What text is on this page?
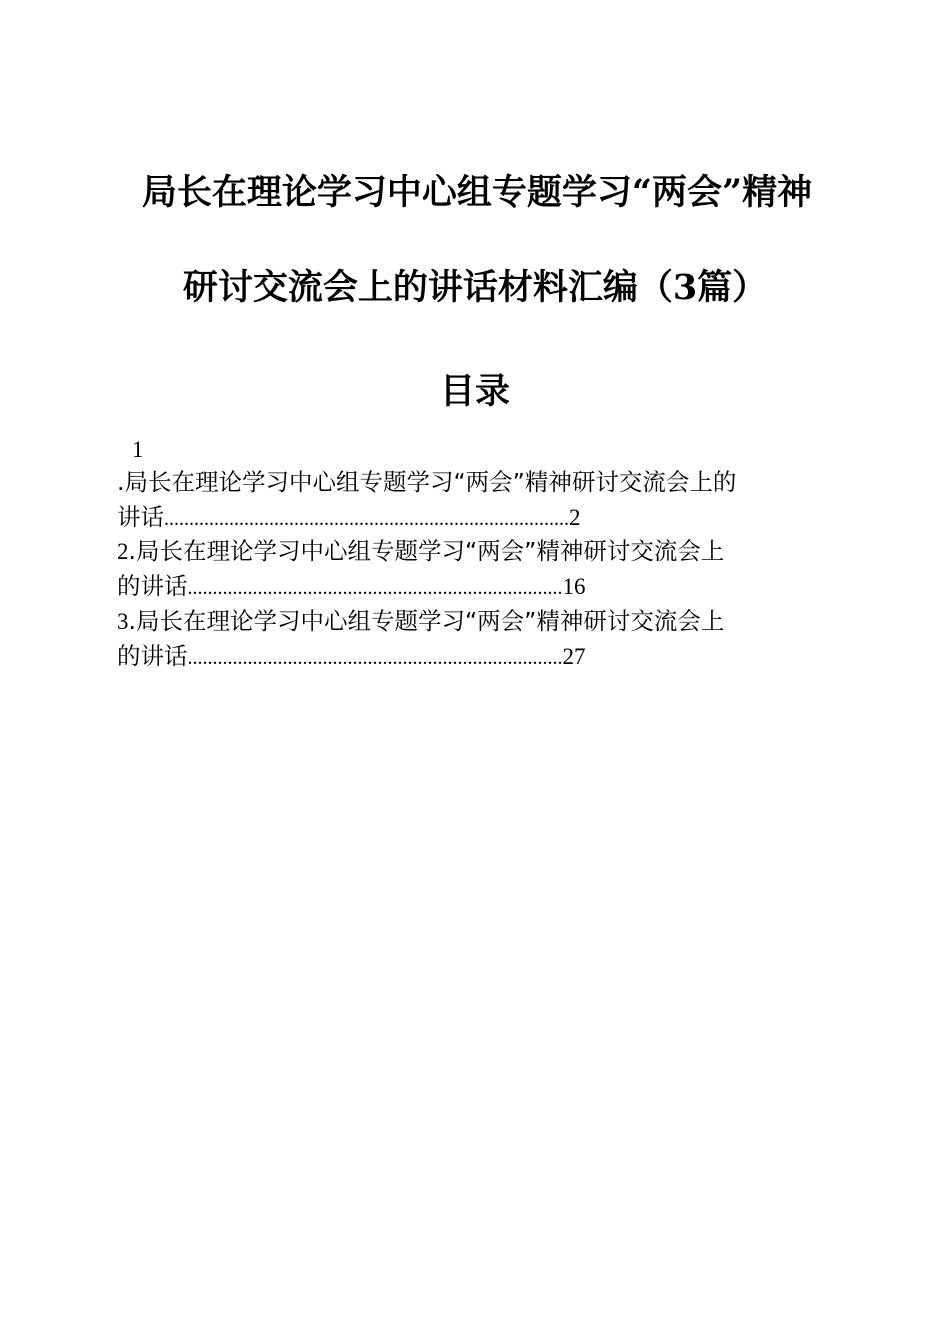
局长在理论学习中心组专题学习“两会”精神
研讨交流会上的讲话材料汇编（3篇）
目录
1
.局长在理论学习中心组专题学习“两会”精神研讨交流会上的
讲话.................................................................................2
2.局长在理论学习中心组专题学习“两会”精神研讨交流会上
的讲话...........................................................................16
3.局长在理论学习中心组专题学习“两会”精神研讨交流会上
的讲话...........................................................................27
